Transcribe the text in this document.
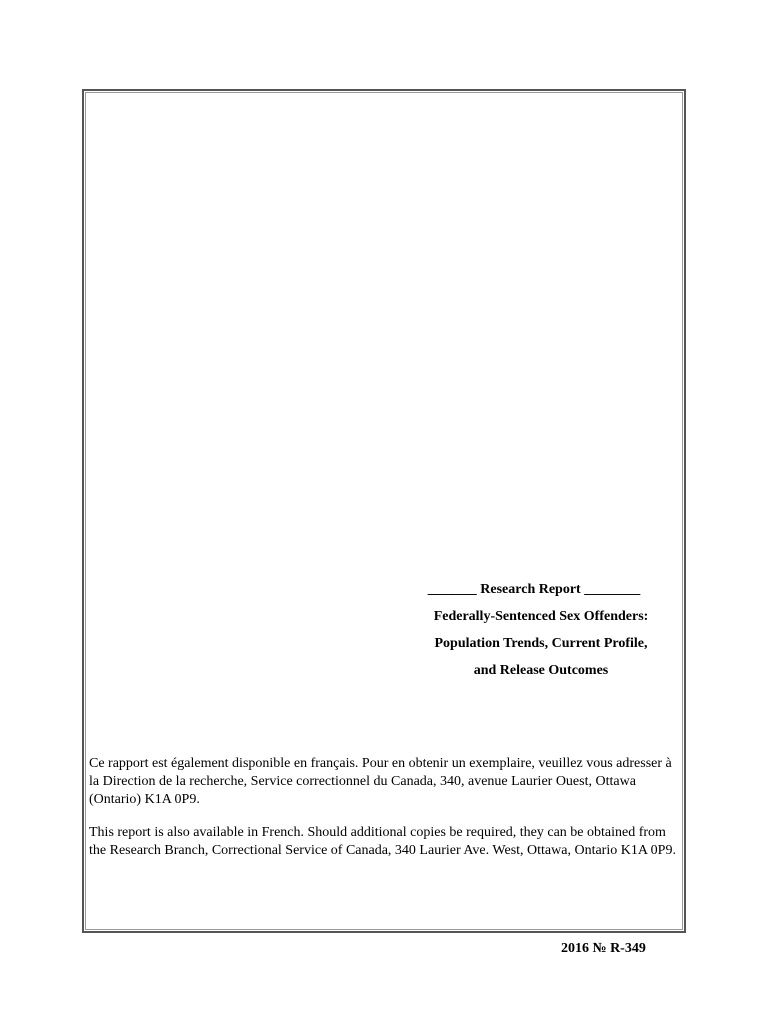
_______ Research Report ________
Federally-Sentenced Sex Offenders:
Population Trends, Current Profile,
and Release Outcomes

Ce rapport est également disponible en français. Pour en obtenir un exemplaire, veuillez vous adresser à la Direction de la recherche, Service correctionnel du Canada, 340, avenue Laurier Ouest, Ottawa (Ontario) K1A 0P9.

This report is also available in French. Should additional copies be required, they can be obtained from the Research Branch, Correctional Service of Canada, 340 Laurier Ave. West, Ottawa, Ontario K1A 0P9.

2016 № R-349
